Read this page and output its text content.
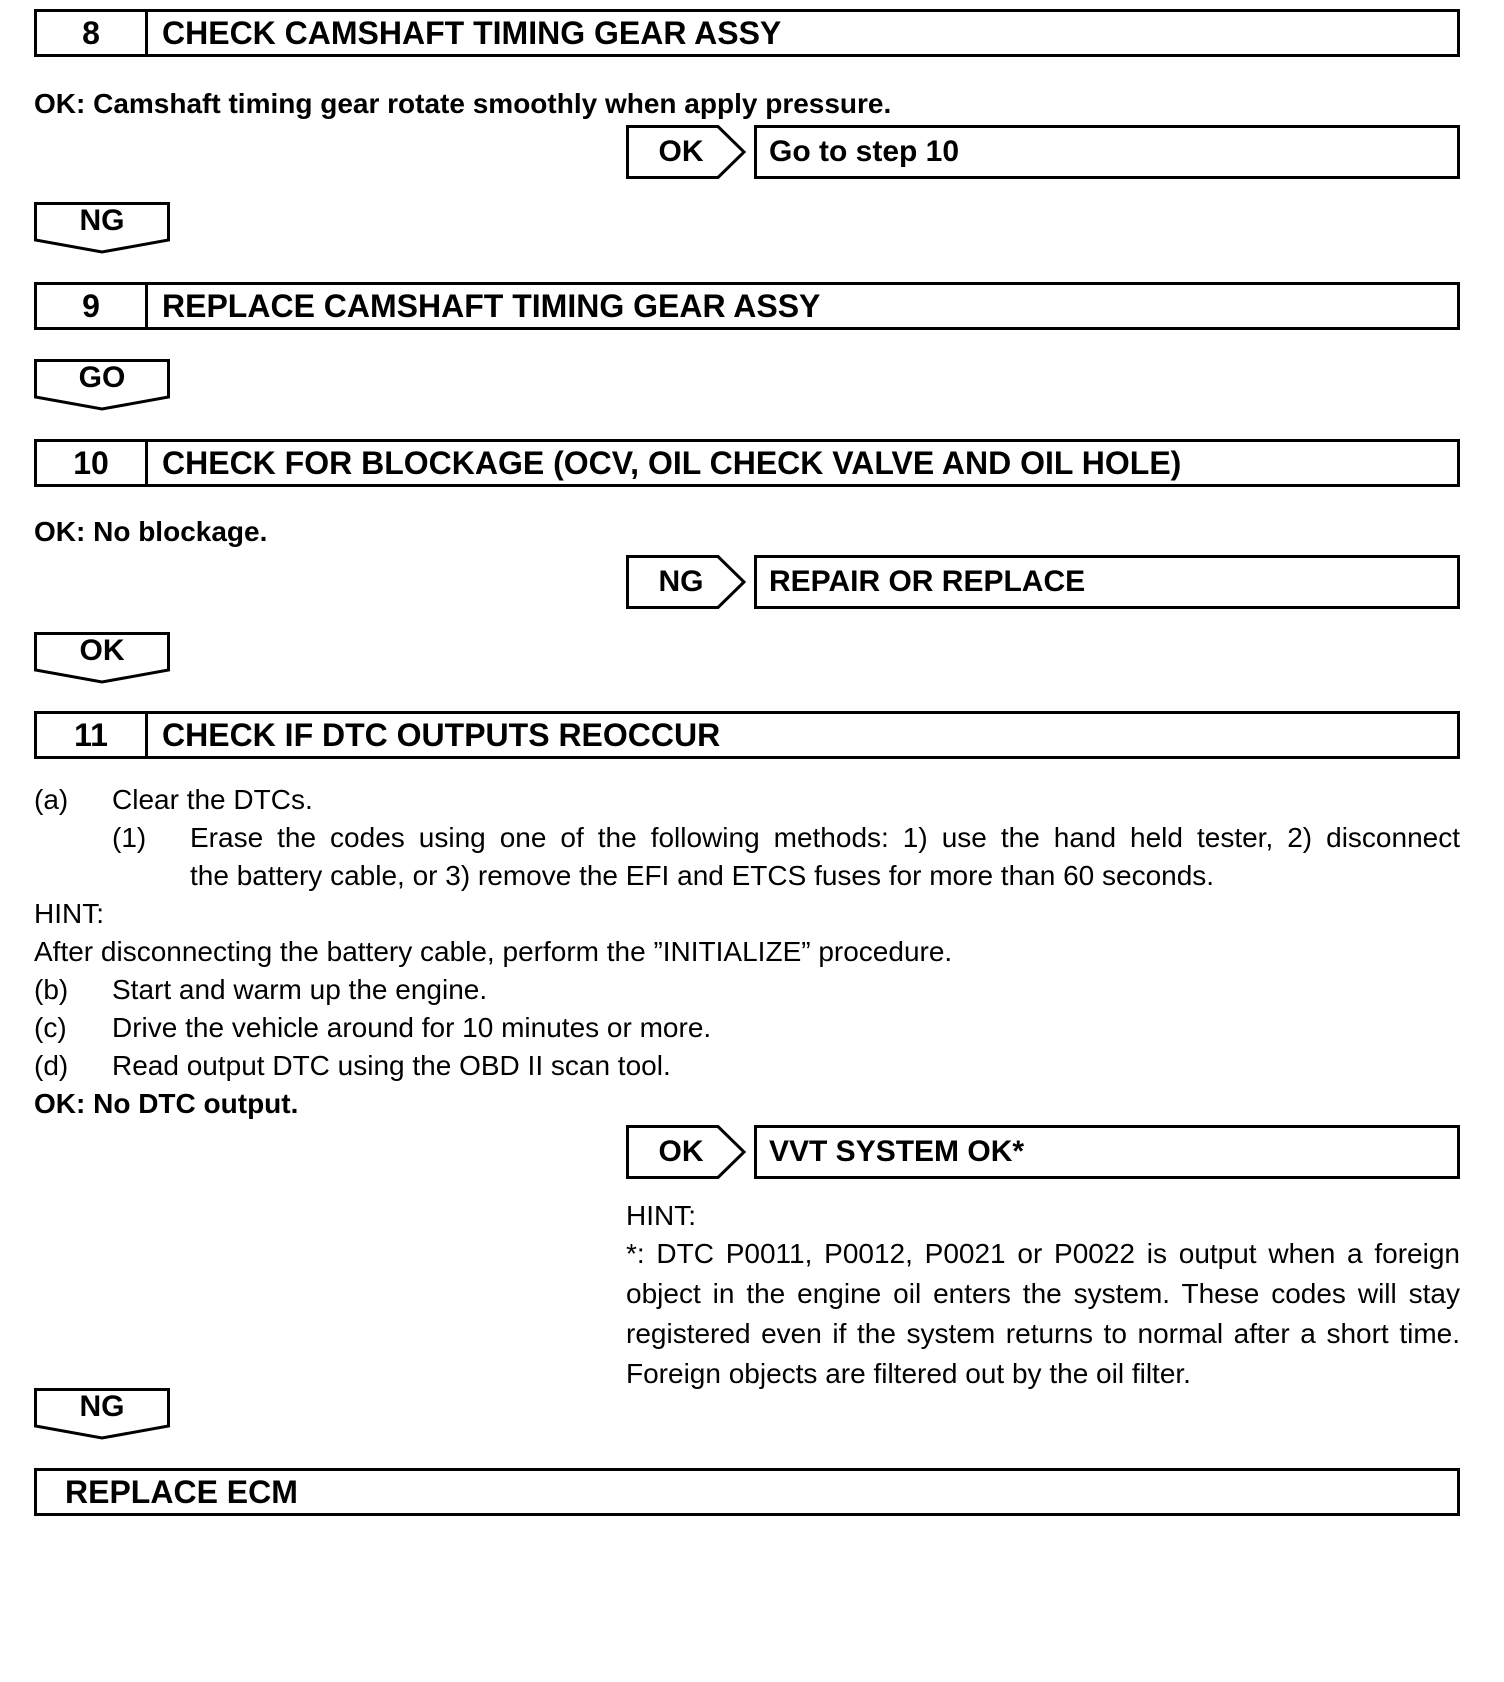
8	CHECK CAMSHAFT TIMING GEAR ASSY
OK: Camshaft timing gear rotate smoothly when apply pressure.
OK	Go to step 10
NG
9	REPLACE CAMSHAFT TIMING GEAR ASSY
GO
10	CHECK FOR BLOCKAGE (OCV, OIL CHECK VALVE AND OIL HOLE)
OK: No blockage.
NG	REPAIR OR REPLACE
OK
11	CHECK IF DTC OUTPUTS REOCCUR
(a) Clear the DTCs.
(1) Erase the codes using one of the following methods: 1) use the hand held tester, 2) disconnect
the battery cable, or 3) remove the EFI and ETCS fuses for more than 60 seconds.
HINT:
After disconnecting the battery cable, perform the ”INITIALIZE” procedure.
(b) Start and warm up the engine.
(c) Drive the vehicle around for 10 minutes or more.
(d) Read output DTC using the OBD II scan tool.
OK: No DTC output.
OK	VVT SYSTEM OK*
HINT:
*: DTC P0011, P0012, P0021 or P0022 is output when a foreign object in the engine oil enters the system. These codes will stay registered even if the system returns to normal after a short time. Foreign objects are filtered out by the oil filter.
NG
REPLACE ECM
